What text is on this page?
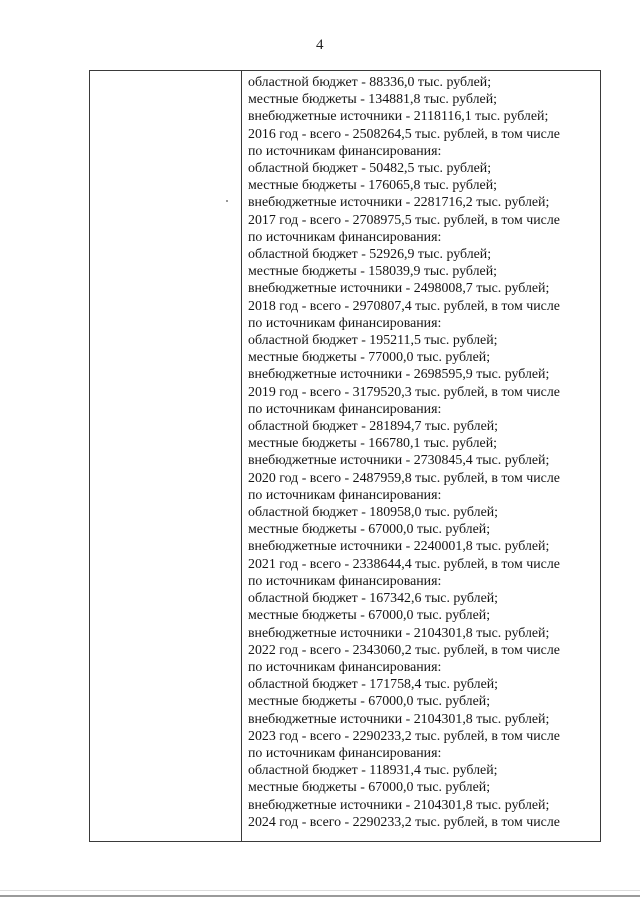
4
областной бюджет - 88336,0 тыс. рублей;
местные бюджеты - 134881,8 тыс. рублей;
внебюджетные источники - 2118116,1 тыс. рублей;
2016 год - всего - 2508264,5 тыс. рублей, в том числе
по источникам финансирования:
областной бюджет - 50482,5 тыс. рублей;
местные бюджеты - 176065,8 тыс. рублей;
внебюджетные источники - 2281716,2 тыс. рублей;
2017 год - всего - 2708975,5 тыс. рублей, в том числе
по источникам финансирования:
областной бюджет - 52926,9 тыс. рублей;
местные бюджеты - 158039,9 тыс. рублей;
внебюджетные источники - 2498008,7 тыс. рублей;
2018 год - всего - 2970807,4 тыс. рублей, в том числе
по источникам финансирования:
областной бюджет - 195211,5 тыс. рублей;
местные бюджеты - 77000,0 тыс. рублей;
внебюджетные источники - 2698595,9 тыс. рублей;
2019 год - всего - 3179520,3 тыс. рублей, в том числе
по источникам финансирования:
областной бюджет - 281894,7 тыс. рублей;
местные бюджеты - 166780,1 тыс. рублей;
внебюджетные источники - 2730845,4 тыс. рублей;
2020 год - всего - 2487959,8 тыс. рублей, в том числе
по источникам финансирования:
областной бюджет - 180958,0 тыс. рублей;
местные бюджеты - 67000,0 тыс. рублей;
внебюджетные источники - 2240001,8 тыс. рублей;
2021 год - всего - 2338644,4 тыс. рублей, в том числе
по источникам финансирования:
областной бюджет - 167342,6 тыс. рублей;
местные бюджеты - 67000,0 тыс. рублей;
внебюджетные источники - 2104301,8 тыс. рублей;
2022 год - всего - 2343060,2 тыс. рублей, в том числе
по источникам финансирования:
областной бюджет - 171758,4 тыс. рублей;
местные бюджеты - 67000,0 тыс. рублей;
внебюджетные источники - 2104301,8 тыс. рублей;
2023 год - всего - 2290233,2 тыс. рублей, в том числе
по источникам финансирования:
областной бюджет - 118931,4 тыс. рублей;
местные бюджеты - 67000,0 тыс. рублей;
внебюджетные источники - 2104301,8 тыс. рублей;
2024 год - всего - 2290233,2 тыс. рублей, в том числе
